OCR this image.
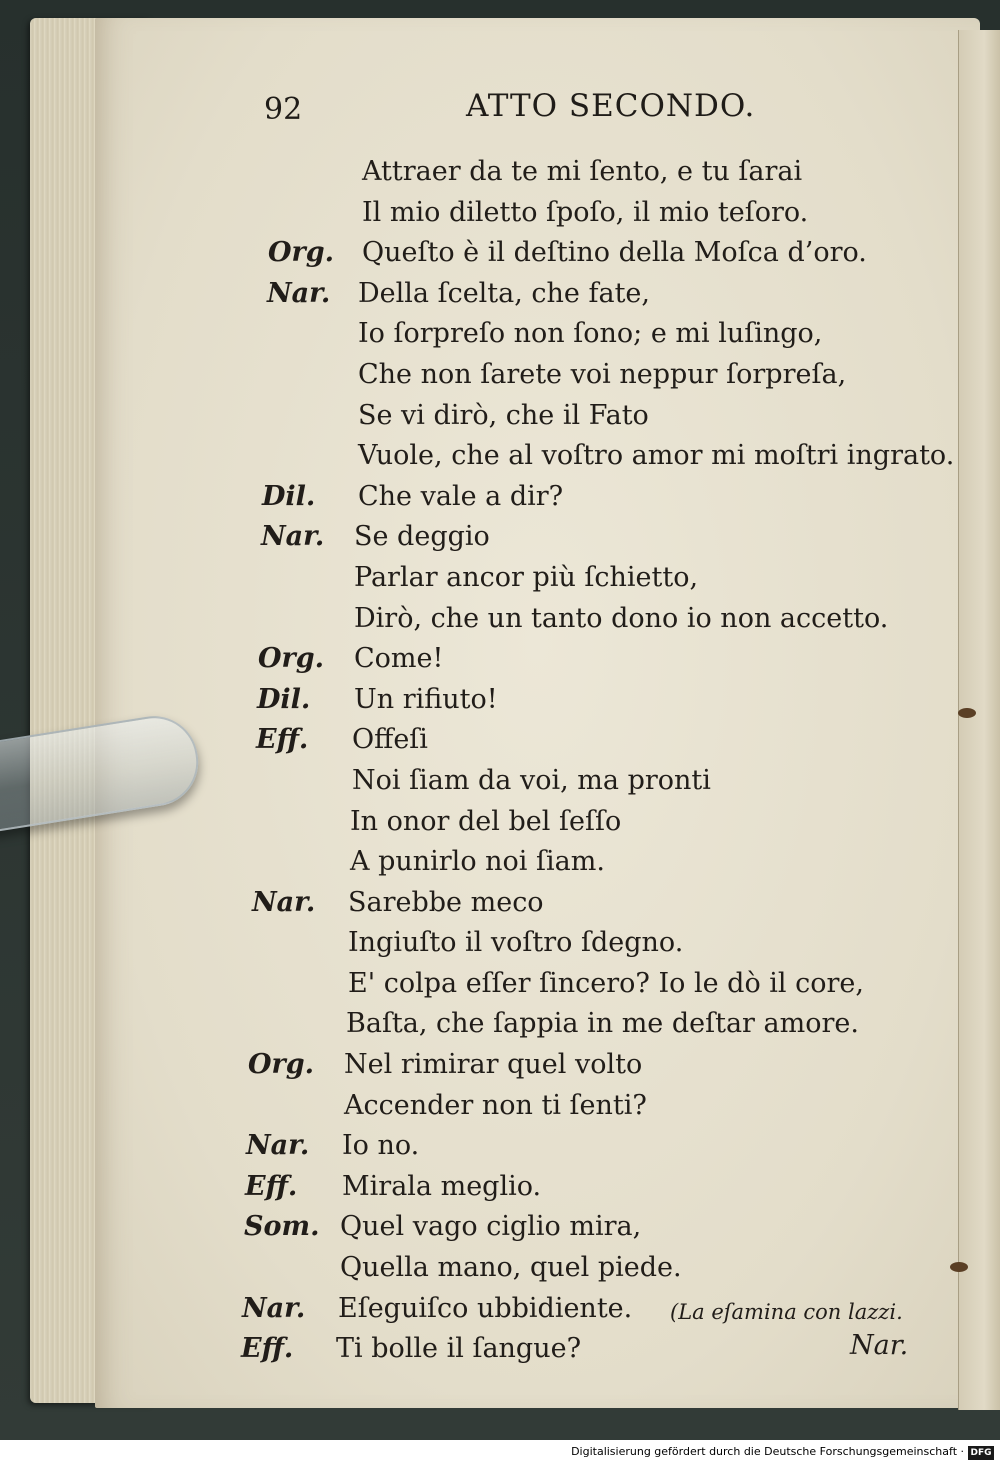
92	ATTO SECONDO.
Attraer da te mi ſento, e tu ſarai
Il mio diletto ſpoſo, il mio teſoro.
Org.	Queſto è il deſtino della Moſca d’oro.
Nar.	Della ſcelta, che fate,
Io ſorpreſo non ſono; e mi luſingo,
Che non ſarete voi neppur ſorpreſa,
Se vi dirò, che il Fato
Vuole, che al voſtro amor mi moſtri ingrato.
Dil.	Che vale a dir?
Nar.	Se deggio
Parlar ancor più ſchietto,
Dirò, che un tanto dono io non accetto.
Org.	Come!
Dil.	Un rifiuto!
Eff.	Offeſi
Noi ſiam da voi, ma pronti
In onor del bel ſeſſo
A punirlo noi ſiam.
Nar.	Sarebbe meco
Ingiuſto il voſtro ſdegno.
E' colpa eſſer ſincero? Io le dò il core,
Baſta, che ſappia in me deſtar amore.
Org.	Nel rimirar quel volto
Accender non ti ſenti?
Nar.	Io no.
Eff.	Mirala meglio.
Som. Quel vago ciglio mira,
Quella mano, quel piede.
Nar.	Eſeguiſco ubbidiente. (La eſamina con lazzi.
Eff.	Ti bolle il ſangue?	Nar.
Digitalisierung gefördert durch die Deutsche Forschungsgemeinschaft · DFG
